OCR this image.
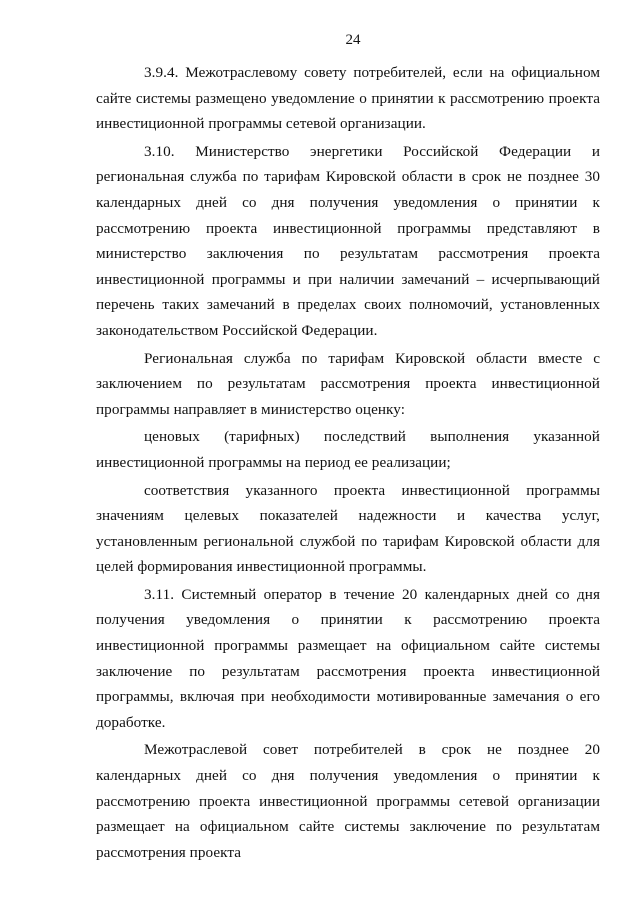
24

3.9.4. Межотраслевому совету потребителей, если на официальном сайте системы размещено уведомление о принятии к рассмотрению проекта инвестиционной программы сетевой организации.

3.10. Министерство энергетики Российской Федерации и региональная служба по тарифам Кировской области в срок не позднее 30 календарных дней со дня получения уведомления о принятии к рассмотрению проекта инвестиционной программы представляют в министерство заключения по результатам рассмотрения проекта инвестиционной программы и при наличии замечаний – исчерпывающий перечень таких замечаний в пределах своих полномочий, установленных законодательством Российской Федерации.

Региональная служба по тарифам Кировской области вместе с заключением по результатам рассмотрения проекта инвестиционной программы направляет в министерство оценку:

ценовых (тарифных) последствий выполнения указанной инвестиционной программы на период ее реализации;

соответствия указанного проекта инвестиционной программы значениям целевых показателей надежности и качества услуг, установленным региональной службой по тарифам Кировской области для целей формирования инвестиционной программы.

3.11. Системный оператор в течение 20 календарных дней со дня получения уведомления о принятии к рассмотрению проекта инвестиционной программы размещает на официальном сайте системы заключение по результатам рассмотрения проекта инвестиционной программы, включая при необходимости мотивированные замечания о его доработке.

Межотраслевой совет потребителей в срок не позднее 20 календарных дней со дня получения уведомления о принятии к рассмотрению проекта инвестиционной программы сетевой организации размещает на официальном сайте системы заключение по результатам рассмотрения проекта
